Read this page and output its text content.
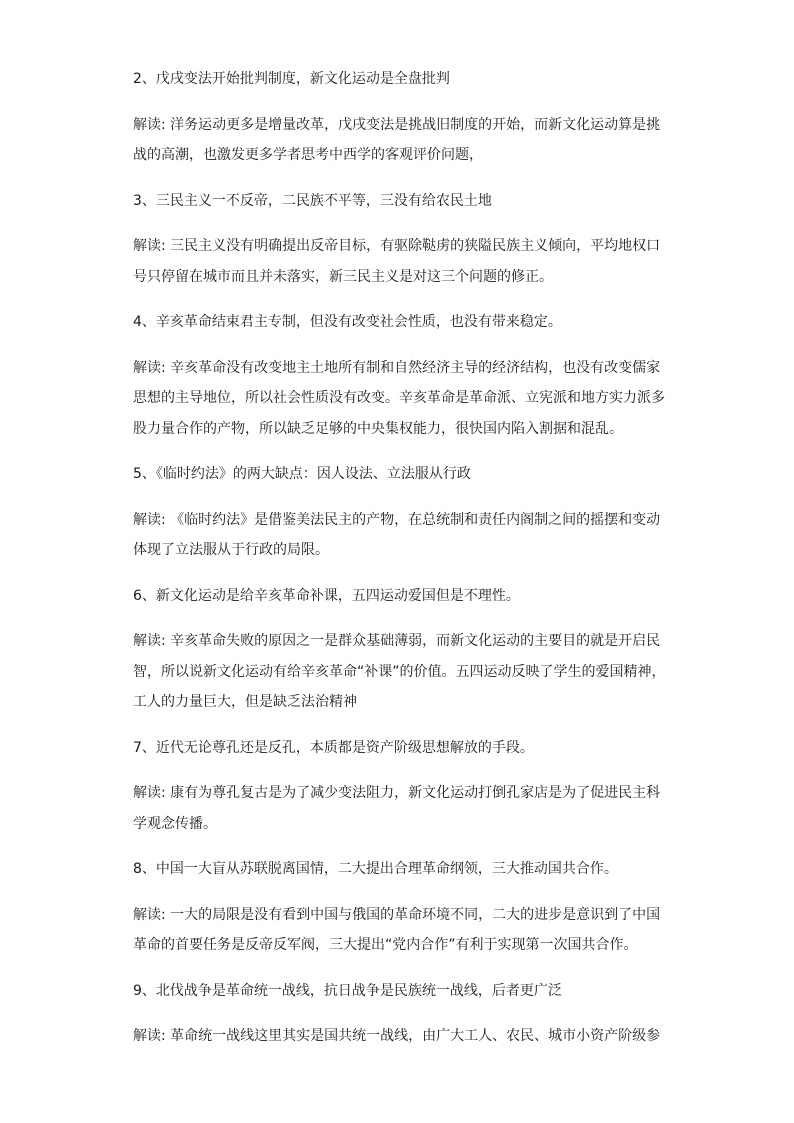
2、戊戌变法开始批判制度，新文化运动是全盘批判

解读: 洋务运动更多是增量改革，戊戌变法是挑战旧制度的开始，而新文化运动算是挑
战的高潮，也激发更多学者思考中西学的客观评价问题，

3、三民主义一不反帝，二民族不平等，三没有给农民土地

解读: 三民主义没有明确提出反帝目标，有驱除鞑虏的狭隘民族主义倾向，平均地权口
号只停留在城市而且并未落实，新三民主义是对这三个问题的修正。

4、辛亥革命结束君主专制，但没有改变社会性质，也没有带来稳定。

解读: 辛亥革命没有改变地主土地所有制和自然经济主导的经济结构，也没有改变儒家
思想的主导地位，所以社会性质没有改变。辛亥革命是革命派、立宪派和地方实力派多
股力量合作的产物，所以缺乏足够的中央集权能力，很快国内陷入割据和混乱。

5、《临时约法》的两大缺点：因人设法、立法服从行政

解读: 《临时约法》是借鉴美法民主的产物，在总统制和责任内阁制之间的摇摆和变动
体现了立法服从于行政的局限。

6、新文化运动是给辛亥革命补课，五四运动爱国但是不理性。

解读: 辛亥革命失败的原因之一是群众基础薄弱，而新文化运动的主要目的就是开启民
智，所以说新文化运动有给辛亥革命“补课”的价值。五四运动反映了学生的爱国精神，
工人的力量巨大，但是缺乏法治精神

7、近代无论尊孔还是反孔，本质都是资产阶级思想解放的手段。

解读: 康有为尊孔复古是为了减少变法阻力，新文化运动打倒孔家店是为了促进民主科
学观念传播。

8、中国一大盲从苏联脱离国情，二大提出合理革命纲领，三大推动国共合作。

解读: 一大的局限是没有看到中国与俄国的革命环境不同，二大的进步是意识到了中国
革命的首要任务是反帝反军阀，三大提出“党内合作”有利于实现第一次国共合作。

9、北伐战争是革命统一战线，抗日战争是民族统一战线，后者更广泛

解读: 革命统一战线这里其实是国共统一战线，由广大工人、农民、城市小资产阶级参
